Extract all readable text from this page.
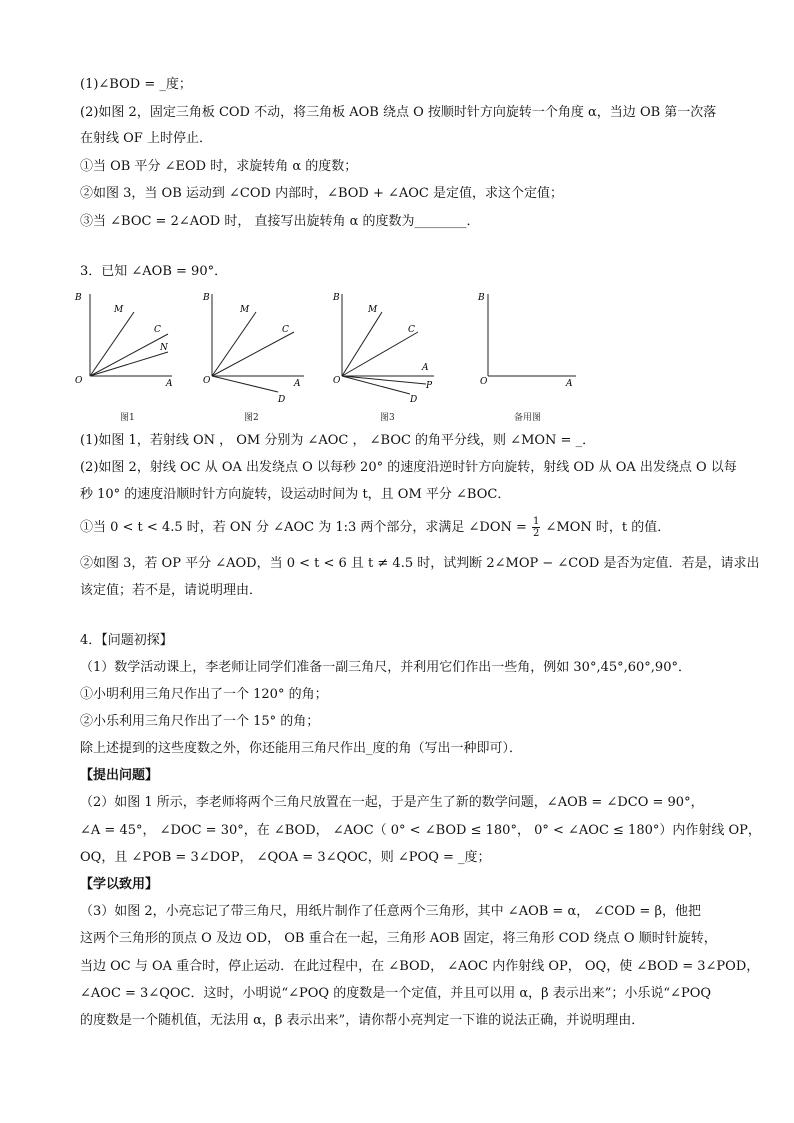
(1)∠BOD = _度；
(2)如图 2，固定三角板 COD 不动，将三角板 AOB 绕点 O 按顺时针方向旋转一个角度 α，当边 OB 第一次落
在射线 OF 上时停止．
①当 OB 平分 ∠EOD 时，求旋转角 α 的度数；
②如图 3，当 OB 运动到 ∠COD 内部时，∠BOD + ∠AOC 是定值，求这个定值；
③当 ∠BOC = 2∠AOD 时， 直接写出旋转角 α 的度数为________．
3．已知 ∠AOB = 90°．
B
M
C
N
O	A
图1
B
M
C
O	A
D
图2
B
M
C
A
P
O
D
图3
B
O	A
备用图
(1)如图 1，若射线 ON ， OM 分别为 ∠AOC ， ∠BOC 的角平分线，则 ∠MON = _．
(2)如图 2，射线 OC 从 OA 出发绕点 O 以每秒 20° 的速度沿逆时针方向旋转，射线 OD 从 OA 出发绕点 O 以每
秒 10° 的速度沿顺时针方向旋转，设运动时间为 t，且 OM 平分 ∠BOC．
①当 0 < t < 4.5 时，若 ON 分 ∠AOC 为 1:3 两个部分，求满足 ∠DON = $\frac{1}{2}$ ∠MON 时，t 的值．
②如图 3，若 OP 平分 ∠AOD，当 0 < t < 6 且 t ≠ 4.5 时，试判断 2∠MOP − ∠COD 是否为定值．若是，请求出
该定值；若不是，请说明理由．
4．【问题初探】
（1）数学活动课上，李老师让同学们准备一副三角尺，并利用它们作出一些角，例如 30°,45°,60°,90°．
①小明利用三角尺作出了一个 120° 的角；
②小乐利用三角尺作出了一个 15° 的角；
除上述提到的这些度数之外，你还能用三角尺作出_度的角（写出一种即可）．
【提出问题】
（2）如图 1 所示，李老师将两个三角尺放置在一起，于是产生了新的数学问题，∠AOB = ∠DCO = 90°，
∠A = 45°， ∠DOC = 30°，在 ∠BOD， ∠AOC（ 0° < ∠BOD ≤ 180°， 0° < ∠AOC ≤ 180°）内作射线 OP，
OQ，且 ∠POB = 3∠DOP， ∠QOA = 3∠QOC，则 ∠POQ = _度；
【学以致用】
（3）如图 2，小亮忘记了带三角尺，用纸片制作了任意两个三角形，其中 ∠AOB = α， ∠COD = β，他把
这两个三角形的顶点 O 及边 OD， OB 重合在一起，三角形 AOB 固定，将三角形 COD 绕点 O 顺时针旋转，
当边 OC 与 OA 重合时，停止运动．在此过程中，在 ∠BOD， ∠AOC 内作射线 OP， OQ，使 ∠BOD = 3∠POD，
∠AOC = 3∠QOC．这时，小明说“∠POQ 的度数是一个定值，并且可以用 α，β 表示出来”；小乐说“∠POQ
的度数是一个随机值，无法用 α，β 表示出来”，请你帮小亮判定一下谁的说法正确，并说明理由．
